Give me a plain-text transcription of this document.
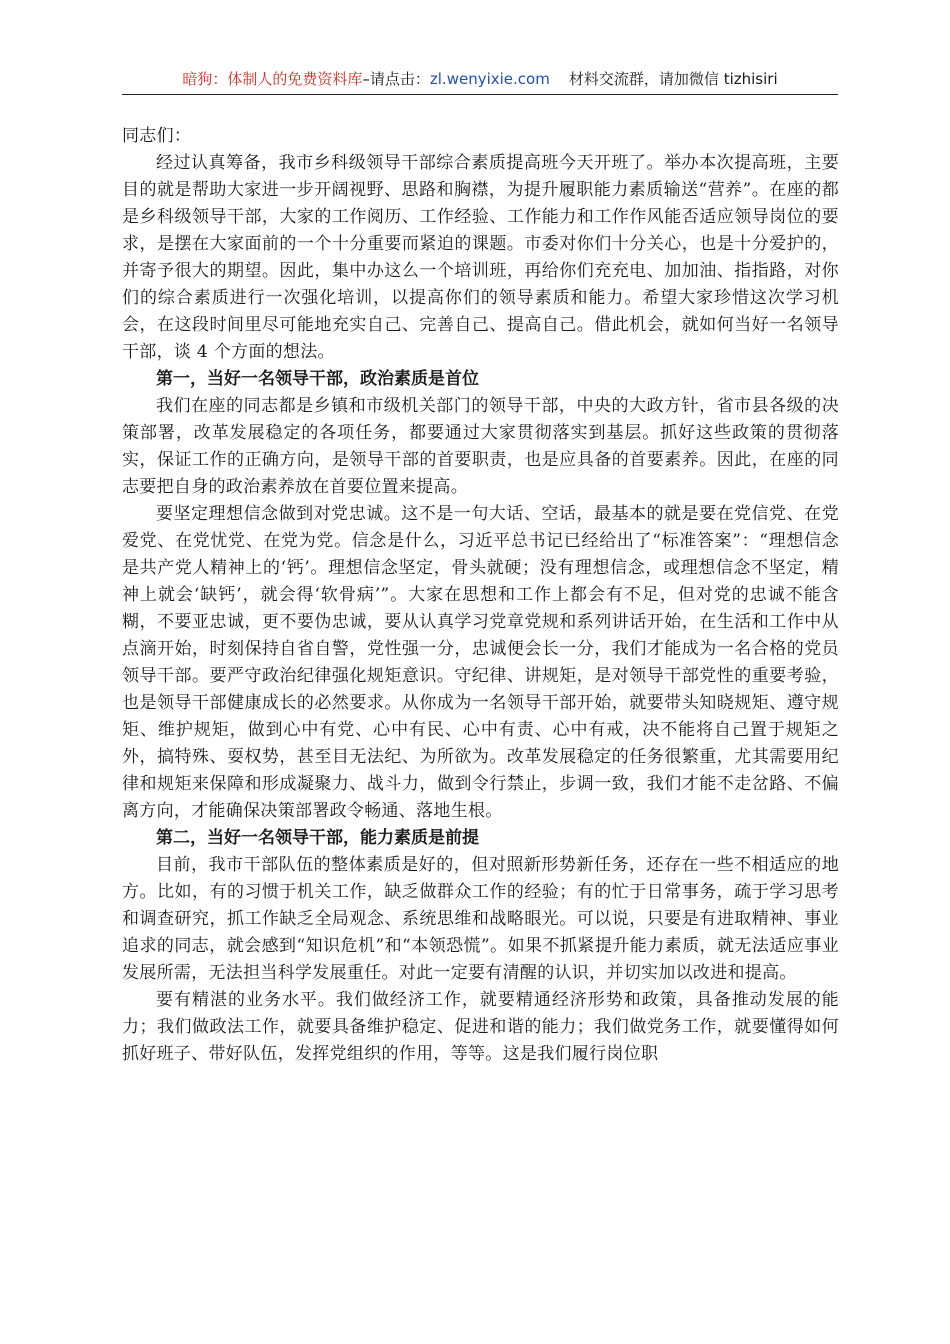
暗狗：体制人的免费资料库–请点击：zl.wenyixie.com 材料交流群，请加微信 tizhisiri

同志们：

经过认真筹备，我市乡科级领导干部综合素质提高班今天开班了。举办本次提高班，主要目的就是帮助大家进一步开阔视野、思路和胸襟，为提升履职能力素质输送“营养”。在座的都是乡科级领导干部，大家的工作阅历、工作经验、工作能力和工作作风能否适应领导岗位的要求，是摆在大家面前的一个十分重要而紧迫的课题。市委对你们十分关心，也是十分爱护的，并寄予很大的期望。因此，集中办这么一个培训班，再给你们充充电、加加油、指指路，对你们的综合素质进行一次强化培训，以提高你们的领导素质和能力。希望大家珍惜这次学习机会，在这段时间里尽可能地充实自己、完善自己、提高自己。借此机会，就如何当好一名领导干部，谈 4 个方面的想法。

第一，当好一名领导干部，政治素质是首位

我们在座的同志都是乡镇和市级机关部门的领导干部，中央的大政方针，省市县各级的决策部署，改革发展稳定的各项任务，都要通过大家贯彻落实到基层。抓好这些政策的贯彻落实，保证工作的正确方向，是领导干部的首要职责，也是应具备的首要素养。因此，在座的同志要把自身的政治素养放在首要位置来提高。

要坚定理想信念做到对党忠诚。这不是一句大话、空话，最基本的就是要在党信党、在党爱党、在党忧党、在党为党。信念是什么，习近平总书记已经给出了“标准答案”：“理想信念是共产党人精神上的‘钙’。理想信念坚定，骨头就硬；没有理想信念，或理想信念不坚定，精神上就会‘缺钙’，就会得‘软骨病’”。大家在思想和工作上都会有不足，但对党的忠诚不能含糊，不要亚忠诚，更不要伪忠诚，要从认真学习党章党规和系列讲话开始，在生活和工作中从点滴开始，时刻保持自省自警，党性强一分，忠诚便会长一分，我们才能成为一名合格的党员领导干部。要严守政治纪律强化规矩意识。守纪律、讲规矩，是对领导干部党性的重要考验，也是领导干部健康成长的必然要求。从你成为一名领导干部开始，就要带头知晓规矩、遵守规矩、维护规矩，做到心中有党、心中有民、心中有责、心中有戒，决不能将自己置于规矩之外，搞特殊、耍权势，甚至目无法纪、为所欲为。改革发展稳定的任务很繁重，尤其需要用纪律和规矩来保障和形成凝聚力、战斗力，做到令行禁止，步调一致，我们才能不走岔路、不偏离方向，才能确保决策部署政令畅通、落地生根。

第二，当好一名领导干部，能力素质是前提

目前，我市干部队伍的整体素质是好的，但对照新形势新任务，还存在一些不相适应的地方。比如，有的习惯于机关工作，缺乏做群众工作的经验；有的忙于日常事务，疏于学习思考和调查研究，抓工作缺乏全局观念、系统思维和战略眼光。可以说，只要是有进取精神、事业追求的同志，就会感到“知识危机”和“本领恐慌”。如果不抓紧提升能力素质，就无法适应事业发展所需，无法担当科学发展重任。对此一定要有清醒的认识，并切实加以改进和提高。

要有精湛的业务水平。我们做经济工作，就要精通经济形势和政策，具备推动发展的能力；我们做政法工作，就要具备维护稳定、促进和谐的能力；我们做党务工作，就要懂得如何抓好班子、带好队伍，发挥党组织的作用，等等。这是我们履行岗位职
